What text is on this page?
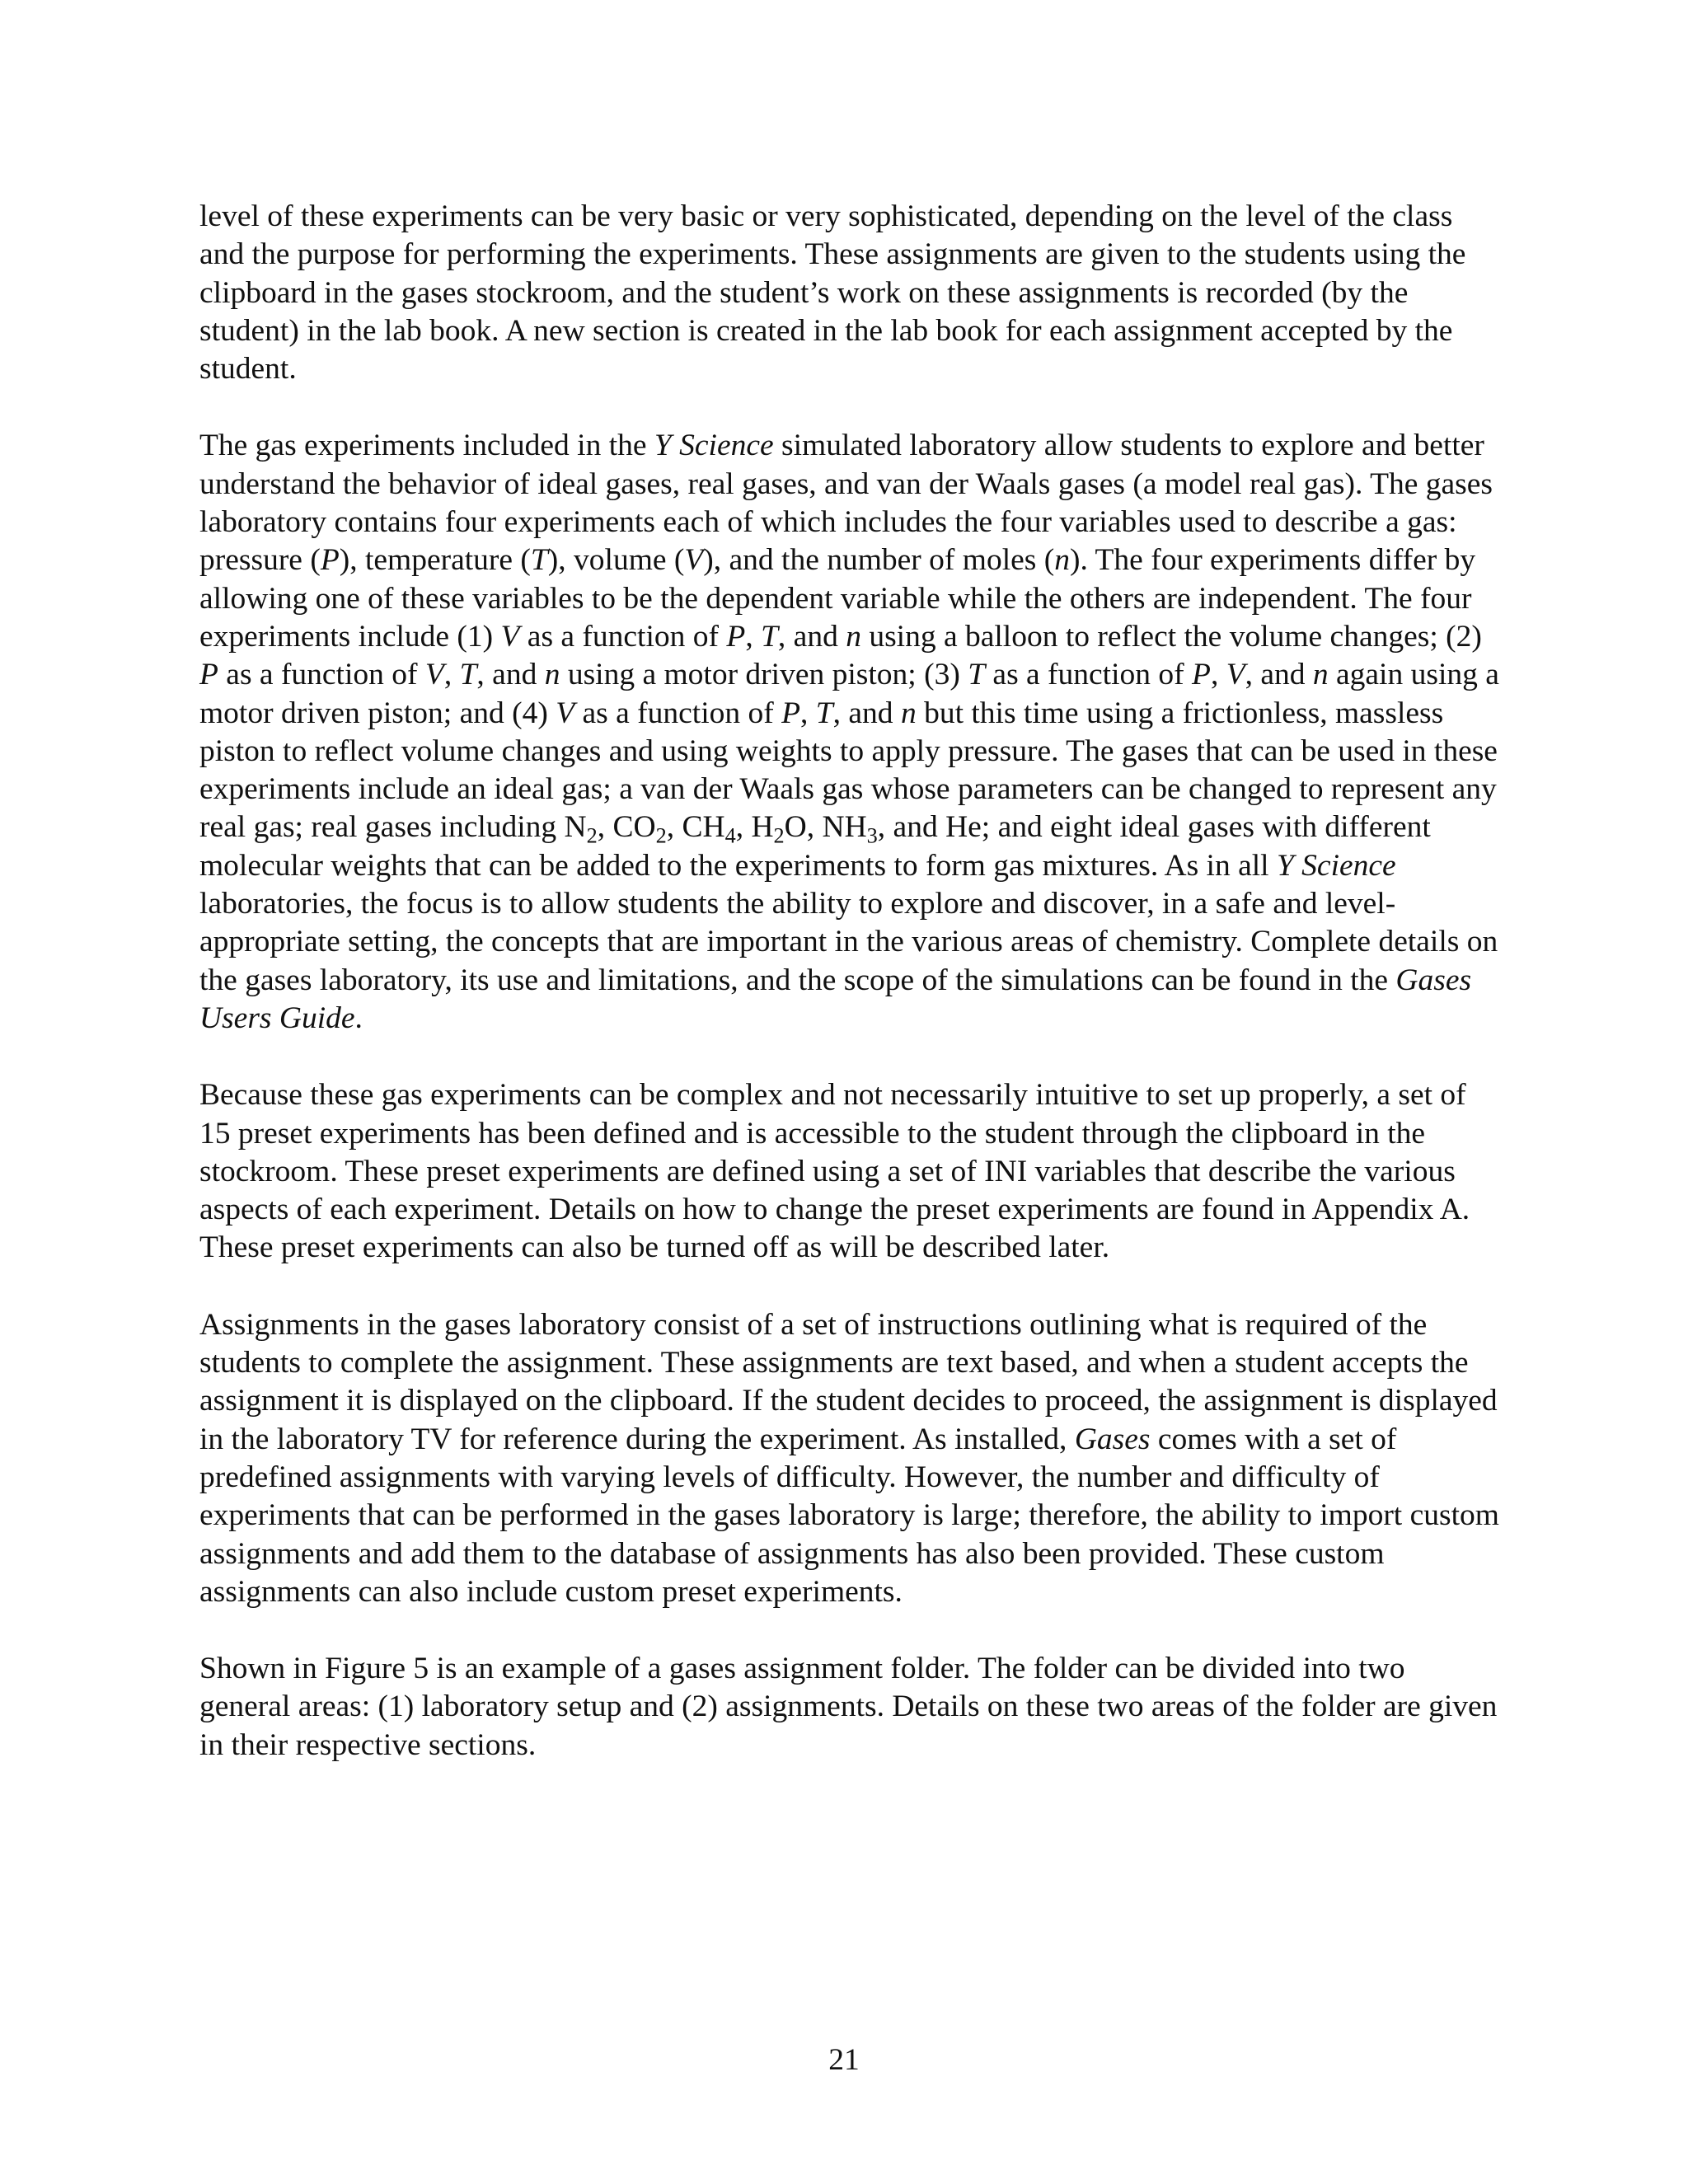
level of these experiments can be very basic or very sophisticated, depending on the level of the class and the purpose for performing the experiments. These assignments are given to the students using the clipboard in the gases stockroom, and the student’s work on these assignments is recorded (by the student) in the lab book. A new section is created in the lab book for each assignment accepted by the student.

The gas experiments included in the Y Science simulated laboratory allow students to explore and better understand the behavior of ideal gases, real gases, and van der Waals gases (a model real gas). The gases laboratory contains four experiments each of which includes the four variables used to describe a gas: pressure (P), temperature (T), volume (V), and the number of moles (n). The four experiments differ by allowing one of these variables to be the dependent variable while the others are independent. The four experiments include (1) V as a function of P, T, and n using a balloon to reflect the volume changes; (2) P as a function of V, T, and n using a motor driven piston; (3) T as a function of P, V, and n again using a motor driven piston; and (4) V as a function of P, T, and n but this time using a frictionless, massless piston to reflect volume changes and using weights to apply pressure. The gases that can be used in these experiments include an ideal gas; a van der Waals gas whose parameters can be changed to represent any real gas; real gases including $N_2$, $CO_2$, $CH_4$, $H_2O$, $NH_3$, and He; and eight ideal gases with different molecular weights that can be added to the experiments to form gas mixtures. As in all Y Science laboratories, the focus is to allow students the ability to explore and discover, in a safe and level-appropriate setting, the concepts that are important in the various areas of chemistry. Complete details on the gases laboratory, its use and limitations, and the scope of the simulations can be found in the Gases Users Guide.

Because these gas experiments can be complex and not necessarily intuitive to set up properly, a set of 15 preset experiments has been defined and is accessible to the student through the clipboard in the stockroom. These preset experiments are defined using a set of INI variables that describe the various aspects of each experiment. Details on how to change the preset experiments are found in Appendix A. These preset experiments can also be turned off as will be described later.

Assignments in the gases laboratory consist of a set of instructions outlining what is required of the students to complete the assignment. These assignments are text based, and when a student accepts the assignment it is displayed on the clipboard. If the student decides to proceed, the assignment is displayed in the laboratory TV for reference during the experiment. As installed, Gases comes with a set of predefined assignments with varying levels of difficulty. However, the number and difficulty of experiments that can be performed in the gases laboratory is large; therefore, the ability to import custom assignments and add them to the database of assignments has also been provided. These custom assignments can also include custom preset experiments.

Shown in Figure 5 is an example of a gases assignment folder. The folder can be divided into two general areas: (1) laboratory setup and (2) assignments. Details on these two areas of the folder are given in their respective sections.

21
